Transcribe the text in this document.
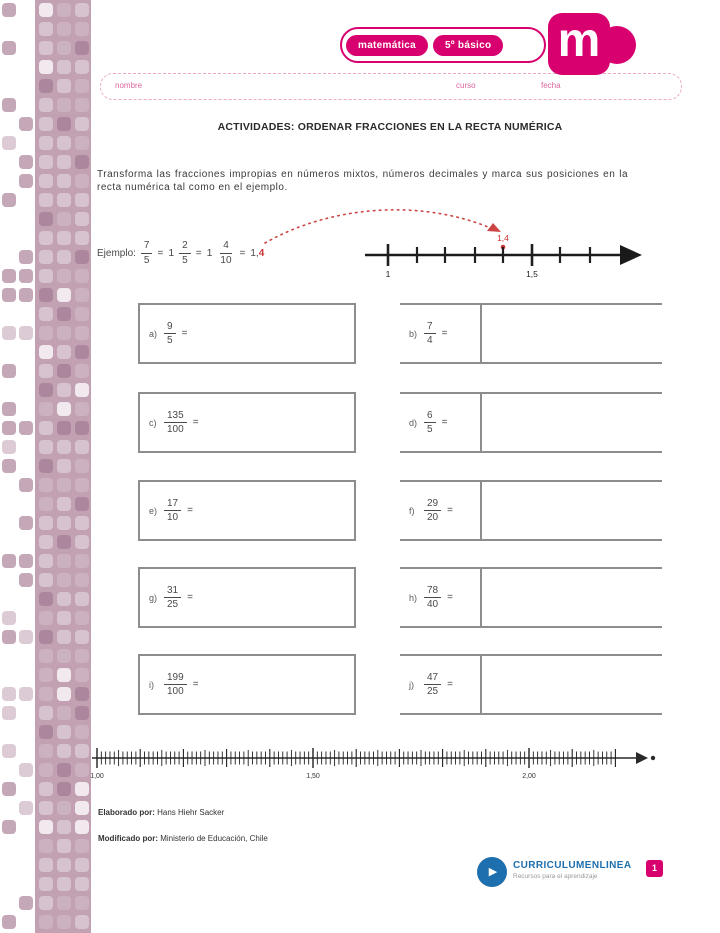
matemática	5º básico m
nombre	curso	fecha
ACTIVIDADES: ORDENAR FRACCIONES EN LA RECTA NUMÉRICA
Transforma las fracciones impropias en números mixtos, números decimales y marca sus posiciones en la recta numérica tal como en el ejemplo.
Ejemplo: $\frac{7}{5} = 1 \frac{2}{5} = 1 \frac{4}{10} = 1,4$
1,4
1	1,5
1,00	1,50	2,00
Elaborado por: Hans Hiehr Sacker
Modificado por: Ministerio de Educación, Chile
▶
CURRICULUMENLINEA
Recursos para el aprendizaje
1
$a) \frac{9}{5}$ =	$b) \frac{7}{4}$ =
$c) \frac{135}{100}$ =	$d) \frac{6}{5}$ =
$e) \frac{17}{10}$ =	$f) \frac{29}{20}$ =
$g) \frac{31}{25}$ =	$h) \frac{78}{40}$ =
i)	$\frac{199}{100}$ =	j)	$\frac{47}{25}$ =
